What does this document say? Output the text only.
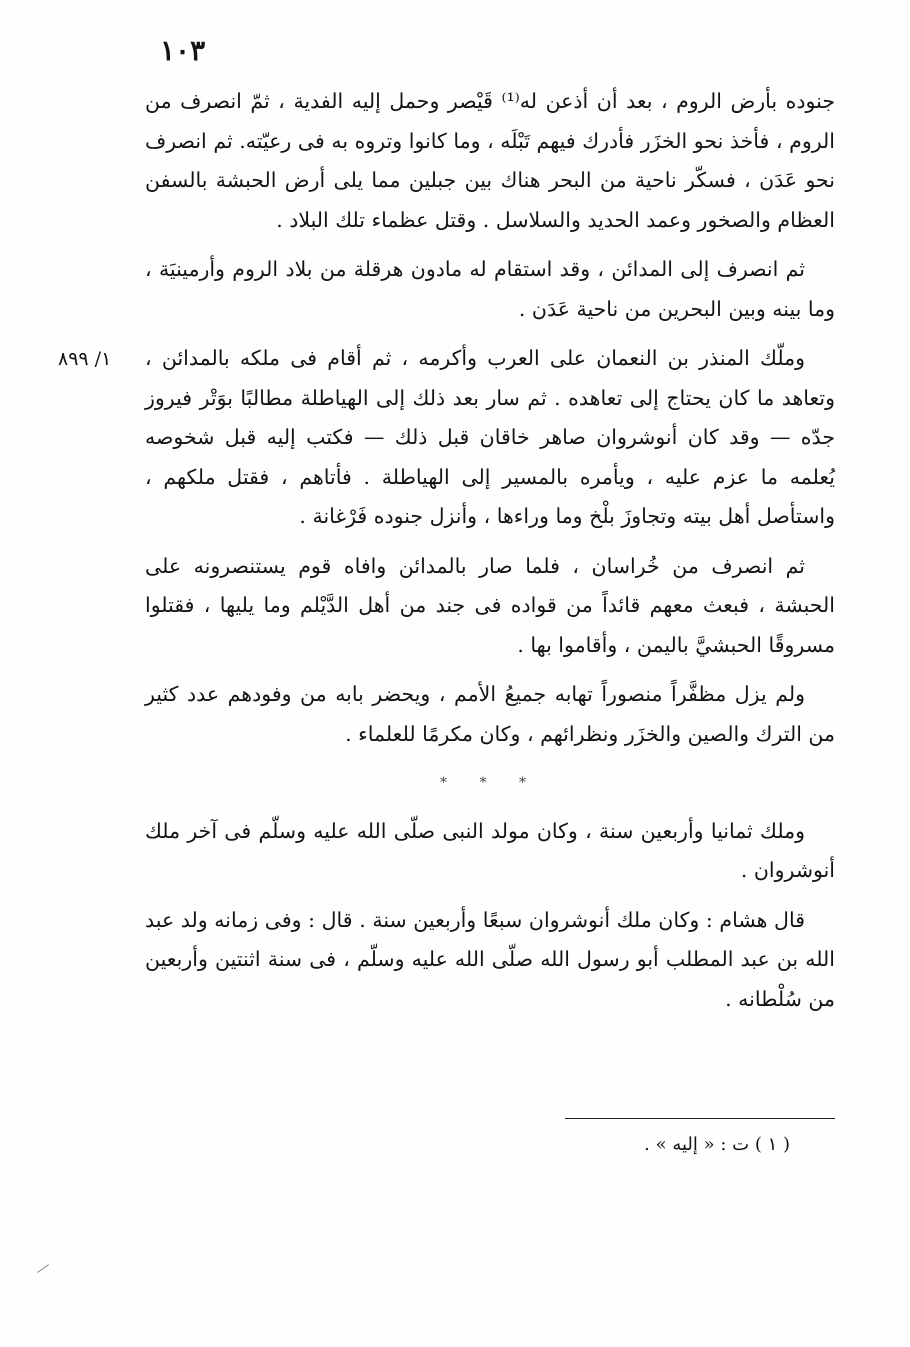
١٠٣
١/ ٨٩٩

جنوده بأرض الروم ، بعد أن أذعن له⁽¹⁾ قَيْصر وحمل إليه الفدية ، ثمّ انصرف من الروم ، فأخذ نحو الخزَر فأدرك فيهم تَبْلَه ، وما كانوا وتروه به فى رعيّته. ثم انصرف نحو عَدَن ، فسكّر ناحية من البحر هناك بين جبلين مما يلى أرض الحبشة بالسفن العظام والصخور وعمد الحديد والسلاسل . وقتل عظماء تلك البلاد .

ثم انصرف إلى المدائن ، وقد استقام له مادون هرقلة من بلاد الروم وأرمينيَة ، وما بينه وبين البحرين من ناحية عَدَن .

وملّك المنذر بن النعمان على العرب وأكرمه ، ثم أقام فى ملكه بالمدائن ، وتعاهد ما كان يحتاج إلى تعاهده . ثم سار بعد ذلك إلى الهياطلة مطالبًا بوَتْر فيروز جدّه — وقد كان أنوشروان صاهر خاقان قبل ذلك — فكتب إليه قبل شخوصه يُعلمه ما عزم عليه ، ويأمره بالمسير إلى الهياطلة . فأتاهم ، فقتل ملكهم ، واستأصل أهل بيته وتجاوزَ بلْخ وما وراءها ، وأنزل جنوده فَرْغانة .

ثم انصرف من خُراسان ، فلما صار بالمدائن وافاه قوم يستنصرونه على الحبشة ، فبعث معهم قائداً من قواده فى جند من أهل الدَّيْلم وما يليها ، فقتلوا مسروقًا الحبشيَّ باليمن ، وأقاموا بها .

ولم يزل مظفَّراً منصوراً تهابه جميعُ الأمم ، ويحضر بابه من وفودهم عدد كثير من الترك والصين والخزَر ونظرائهم ، وكان مكرمًا للعلماء .

* * *

وملك ثمانيا وأربعين سنة ، وكان مولد النبى صلّى الله عليه وسلّم فى آخر ملك أنوشروان .

قال هشام : وكان ملك أنوشروان سبعًا وأربعين سنة . قال : وفى زمانه ولد عبد الله بن عبد المطلب أبو رسول الله صلّى الله عليه وسلّم ، فى سنة اثنتين وأربعين من سُلْطانه .

( ١ ) ت : « إليه » .
